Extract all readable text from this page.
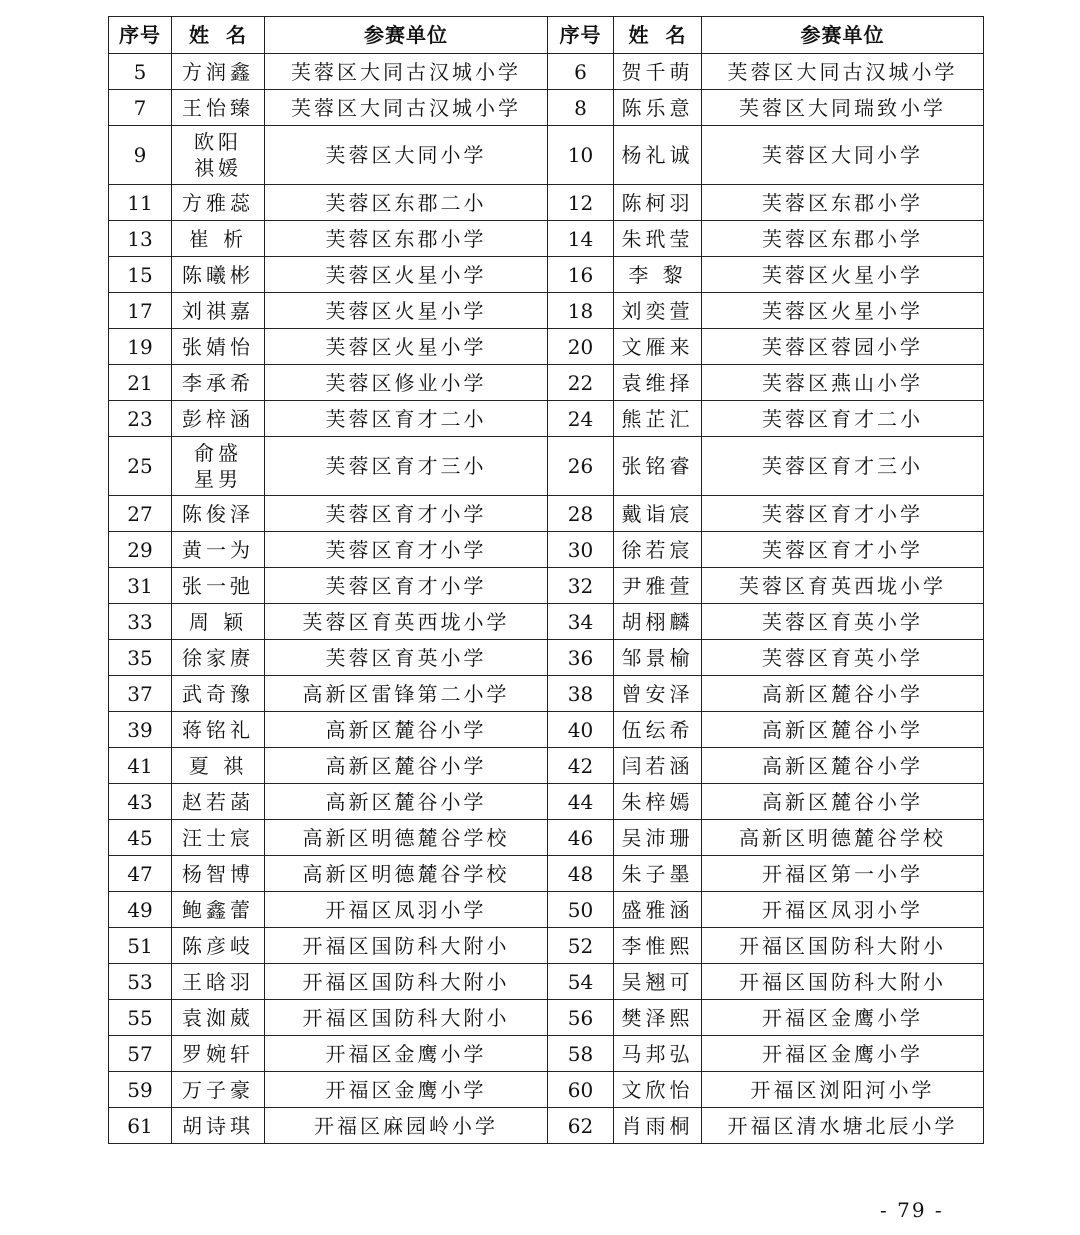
序号	姓  名	参赛单位	序号	姓  名	参赛单位
5	方润鑫	芙蓉区大同古汉城小学	6	贺千萌	芙蓉区大同古汉城小学
7	王怡臻	芙蓉区大同古汉城小学	8	陈乐意	芙蓉区大同瑞致小学
9	欧阳祺媛	芙蓉区大同小学	10	杨礼诚	芙蓉区大同小学
11	方雅蕊	芙蓉区东郡二小	12	陈柯羽	芙蓉区东郡小学
13	崔 析	芙蓉区东郡小学	14	朱玳莹	芙蓉区东郡小学
15	陈曦彬	芙蓉区火星小学	16	李 黎	芙蓉区火星小学
17	刘祺嘉	芙蓉区火星小学	18	刘奕萱	芙蓉区火星小学
19	张婧怡	芙蓉区火星小学	20	文雁来	芙蓉区蓉园小学
21	李承希	芙蓉区修业小学	22	袁维择	芙蓉区燕山小学
23	彭梓涵	芙蓉区育才二小	24	熊芷汇	芙蓉区育才二小
25	俞盛星男	芙蓉区育才三小	26	张铭睿	芙蓉区育才三小
27	陈俊泽	芙蓉区育才小学	28	戴诣宸	芙蓉区育才小学
29	黄一为	芙蓉区育才小学	30	徐若宸	芙蓉区育才小学
31	张一弛	芙蓉区育才小学	32	尹雅萱	芙蓉区育英西垅小学
33	周 颖	芙蓉区育英西垅小学	34	胡栩麟	芙蓉区育英小学
35	徐家赓	芙蓉区育英小学	36	邹景榆	芙蓉区育英小学
37	武奇豫	高新区雷锋第二小学	38	曾安泽	高新区麓谷小学
39	蒋铭礼	高新区麓谷小学	40	伍纭希	高新区麓谷小学
41	夏 祺	高新区麓谷小学	42	闫若涵	高新区麓谷小学
43	赵若菡	高新区麓谷小学	44	朱梓嫣	高新区麓谷小学
45	汪士宸	高新区明德麓谷学校	46	吴沛珊	高新区明德麓谷学校
47	杨智博	高新区明德麓谷学校	48	朱子墨	开福区第一小学
49	鲍鑫蕾	开福区凤羽小学	50	盛雅涵	开福区凤羽小学
51	陈彦岐	开福区国防科大附小	52	李惟熙	开福区国防科大附小
53	王晗羽	开福区国防科大附小	54	吴翘可	开福区国防科大附小
55	袁洳葳	开福区国防科大附小	56	樊泽熙	开福区金鹰小学
57	罗婉轩	开福区金鹰小学	58	马邦弘	开福区金鹰小学
59	万子豪	开福区金鹰小学	60	文欣怡	开福区浏阳河小学
61	胡诗琪	开福区麻园岭小学	62	肖雨桐	开福区清水塘北辰小学
- 79 -
